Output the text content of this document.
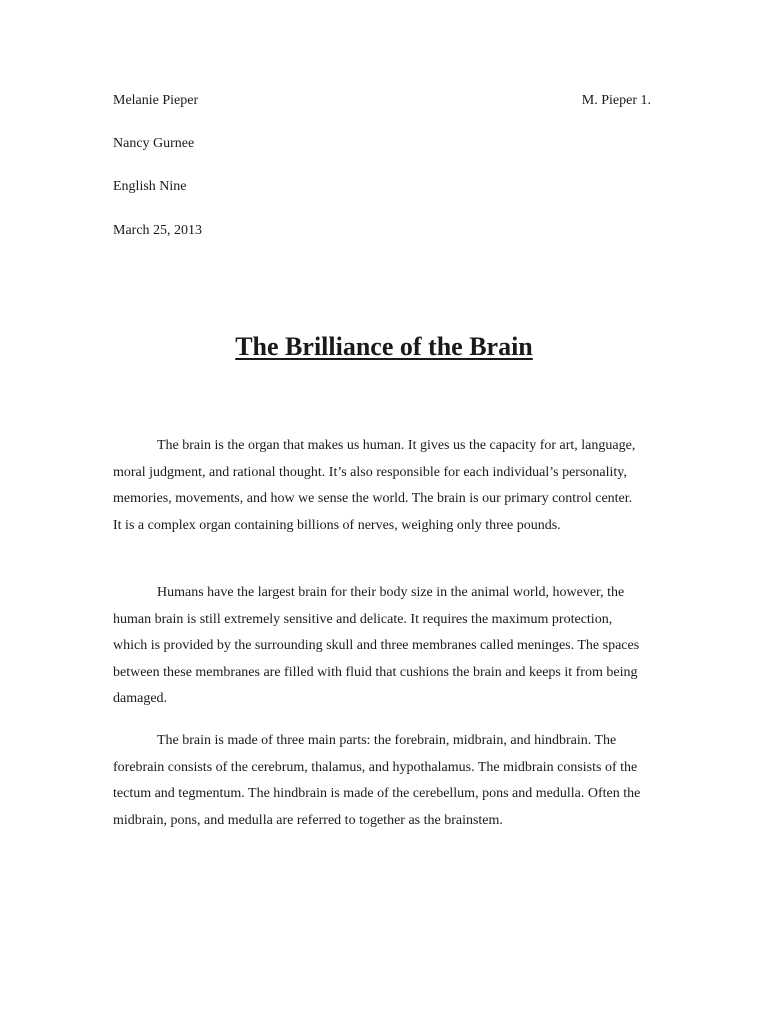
Melanie Pieper	M. Pieper 1.
Nancy Gurnee
English Nine
March 25, 2013
The Brilliance of the Brain

The brain is the organ that makes us human. It gives us the capacity for art, language, moral judgment, and rational thought. It’s also responsible for each individual’s personality, memories, movements, and how we sense the world. The brain is our primary control center. It is a complex organ containing billions of nerves, weighing only three pounds.

Humans have the largest brain for their body size in the animal world, however, the human brain is still extremely sensitive and delicate. It requires the maximum protection, which is provided by the surrounding skull and three membranes called meninges. The spaces between these membranes are filled with fluid that cushions the brain and keeps it from being damaged.

The brain is made of three main parts: the forebrain, midbrain, and hindbrain. The forebrain consists of the cerebrum, thalamus, and hypothalamus. The midbrain consists of the tectum and tegmentum. The hindbrain is made of the cerebellum, pons and medulla. Often the midbrain, pons, and medulla are referred to together as the brainstem.
